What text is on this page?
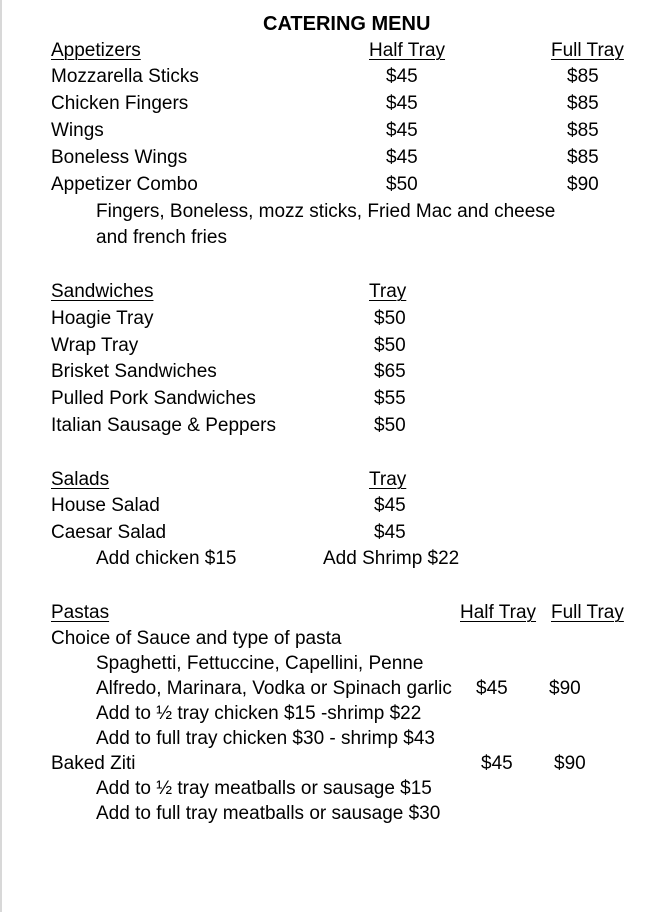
CATERING MENU
Appetizers	Half Tray	Full Tray
Mozzarella Sticks	$45	$85
Chicken Fingers	$45	$85
Wings	$45	$85
Boneless Wings	$45	$85
Appetizer Combo	$50	$90
Fingers, Boneless, mozz sticks, Fried Mac and cheese
and french fries
Sandwiches	Tray
Hoagie Tray	$50
Wrap Tray	$50
Brisket Sandwiches	$65
Pulled Pork Sandwiches	$55
Italian Sausage & Peppers	$50
Salads	Tray
House Salad	$45
Caesar Salad	$45
Add chicken $15	Add Shrimp $22
Pastas	Half Tray Full Tray
Choice of Sauce and type of pasta
Spaghetti, Fettuccine, Capellini, Penne
Alfredo, Marinara, Vodka or Spinach garlic $45 $90
Add to ½ tray chicken $15 -shrimp $22
Add to full tray chicken $30 - shrimp $43
Baked Ziti	$45 $90
Add to ½ tray meatballs or sausage $15
Add to full tray meatballs or sausage $30
